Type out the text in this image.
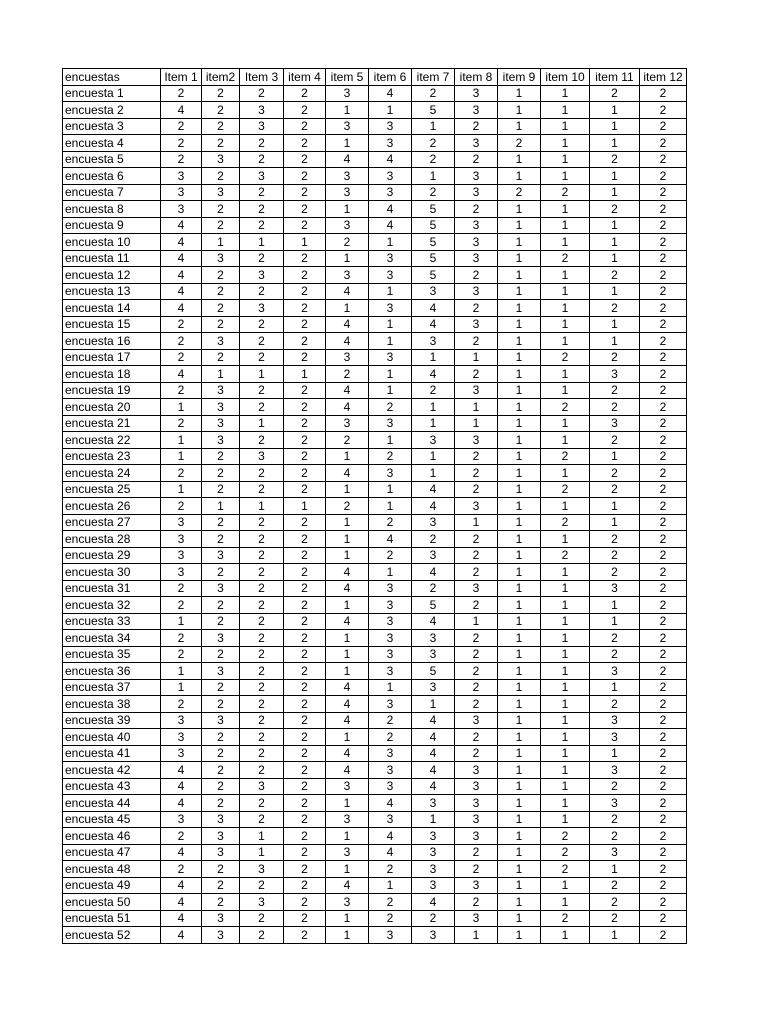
encuestas	Item 1	item2	Item 3	item 4	item 5	item 6	item 7	item 8	item 9	item 10	item 11	item 12
encuesta 1	2	2	2	2	3	4	2	3	1	1	2	2
encuesta 2	4	2	3	2	1	1	5	3	1	1	1	2
encuesta 3	2	2	3	2	3	3	1	2	1	1	1	2
encuesta 4	2	2	2	2	1	3	2	3	2	1	1	2
encuesta 5	2	3	2	2	4	4	2	2	1	1	2	2
encuesta 6	3	2	3	2	3	3	1	3	1	1	1	2
encuesta 7	3	3	2	2	3	3	2	3	2	2	1	2
encuesta 8	3	2	2	2	1	4	5	2	1	1	2	2
encuesta 9	4	2	2	2	3	4	5	3	1	1	1	2
encuesta 10	4	1	1	1	2	1	5	3	1	1	1	2
encuesta 11	4	3	2	2	1	3	5	3	1	2	1	2
encuesta 12	4	2	3	2	3	3	5	2	1	1	2	2
encuesta 13	4	2	2	2	4	1	3	3	1	1	1	2
encuesta 14	4	2	3	2	1	3	4	2	1	1	2	2
encuesta 15	2	2	2	2	4	1	4	3	1	1	1	2
encuesta 16	2	3	2	2	4	1	3	2	1	1	1	2
encuesta 17	2	2	2	2	3	3	1	1	1	2	2	2
encuesta 18	4	1	1	1	2	1	4	2	1	1	3	2
encuesta 19	2	3	2	2	4	1	2	3	1	1	2	2
encuesta 20	1	3	2	2	4	2	1	1	1	2	2	2
encuesta 21	2	3	1	2	3	3	1	1	1	1	3	2
encuesta 22	1	3	2	2	2	1	3	3	1	1	2	2
encuesta 23	1	2	3	2	1	2	1	2	1	2	1	2
encuesta 24	2	2	2	2	4	3	1	2	1	1	2	2
encuesta 25	1	2	2	2	1	1	4	2	1	2	2	2
encuesta 26	2	1	1	1	2	1	4	3	1	1	1	2
encuesta 27	3	2	2	2	1	2	3	1	1	2	1	2
encuesta 28	3	2	2	2	1	4	2	2	1	1	2	2
encuesta 29	3	3	2	2	1	2	3	2	1	2	2	2
encuesta 30	3	2	2	2	4	1	4	2	1	1	2	2
encuesta 31	2	3	2	2	4	3	2	3	1	1	3	2
encuesta 32	2	2	2	2	1	3	5	2	1	1	1	2
encuesta 33	1	2	2	2	4	3	4	1	1	1	1	2
encuesta 34	2	3	2	2	1	3	3	2	1	1	2	2
encuesta 35	2	2	2	2	1	3	3	2	1	1	2	2
encuesta 36	1	3	2	2	1	3	5	2	1	1	3	2
encuesta 37	1	2	2	2	4	1	3	2	1	1	1	2
encuesta 38	2	2	2	2	4	3	1	2	1	1	2	2
encuesta 39	3	3	2	2	4	2	4	3	1	1	3	2
encuesta 40	3	2	2	2	1	2	4	2	1	1	3	2
encuesta 41	3	2	2	2	4	3	4	2	1	1	1	2
encuesta 42	4	2	2	2	4	3	4	3	1	1	3	2
encuesta 43	4	2	3	2	3	3	4	3	1	1	2	2
encuesta 44	4	2	2	2	1	4	3	3	1	1	3	2
encuesta 45	3	3	2	2	3	3	1	3	1	1	2	2
encuesta 46	2	3	1	2	1	4	3	3	1	2	2	2
encuesta 47	4	3	1	2	3	4	3	2	1	2	3	2
encuesta 48	2	2	3	2	1	2	3	2	1	2	1	2
encuesta 49	4	2	2	2	4	1	3	3	1	1	2	2
encuesta 50	4	2	3	2	3	2	4	2	1	1	2	2
encuesta 51	4	3	2	2	1	2	2	3	1	2	2	2
encuesta 52	4	3	2	2	1	3	3	1	1	1	1	2
